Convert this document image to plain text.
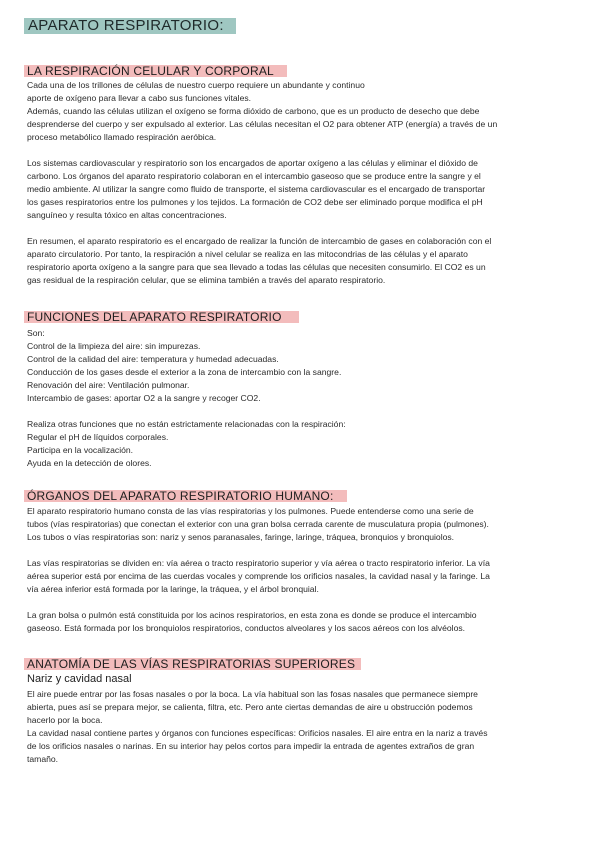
APARATO RESPIRATORIO:
LA RESPIRACIÓN CELULAR Y CORPORAL
Cada una de los trillones de células de nuestro cuerpo requiere un abundante y continuo
aporte de oxígeno para llevar a cabo sus funciones vitales.
Además, cuando las células utilizan el oxígeno se forma dióxido de carbono, que es un producto de desecho que debe
desprenderse del cuerpo y ser expulsado al exterior. Las células necesitan el O2 para obtener ATP (energía) a través de un
proceso metabólico llamado respiración aeróbica.
Los sistemas cardiovascular y respiratorio son los encargados de aportar oxígeno a las células y eliminar el dióxido de
carbono. Los órganos del aparato respiratorio colaboran en el intercambio gaseoso que se produce entre la sangre y el
medio ambiente. Al utilizar la sangre como fluido de transporte, el sistema cardiovascular es el encargado de transportar
los gases respiratorios entre los pulmones y los tejidos. La formación de CO2 debe ser eliminado porque modifica el pH
sanguíneo y resulta tóxico en altas concentraciones.
En resumen, el aparato respiratorio es el encargado de realizar la función de intercambio de gases en colaboración con el
aparato circulatorio. Por tanto, la respiración a nivel celular se realiza en las mitocondrias de las células y el aparato
respiratorio aporta oxígeno a la sangre para que sea llevado a todas las células que necesiten consumirlo. El CO2 es un
gas residual de la respiración celular, que se elimina también a través del aparato respiratorio.
FUNCIONES DEL APARATO RESPIRATORIO
Son:
Control de la limpieza del aire: sin impurezas.
Control de la calidad del aire: temperatura y humedad adecuadas.
Conducción de los gases desde el exterior a la zona de intercambio con la sangre.
Renovación del aire: Ventilación pulmonar.
Intercambio de gases: aportar O2 a la sangre y recoger CO2.
Realiza otras funciones que no están estrictamente relacionadas con la respiración:
Regular el pH de líquidos corporales.
Participa en la vocalización.
Ayuda en la detección de olores.
ÓRGANOS DEL APARATO RESPIRATORIO HUMANO:
El aparato respiratorio humano consta de las vías respiratorias y los pulmones. Puede entenderse como una serie de
tubos (vías respiratorias) que conectan el exterior con una gran bolsa cerrada carente de musculatura propia (pulmones).
Los tubos o vías respiratorias son: nariz y senos paranasales, faringe, laringe, tráquea, bronquios y bronquiolos.
Las vías respiratorias se dividen en: vía aérea o tracto respiratorio superior y vía aérea o tracto respiratorio inferior. La vía
aérea superior está por encima de las cuerdas vocales y comprende los orificios nasales, la cavidad nasal y la faringe. La
vía aérea inferior está formada por la laringe, la tráquea, y el árbol bronquial.
La gran bolsa o pulmón está constituida por los acinos respiratorios, en esta zona es donde se produce el intercambio
gaseoso. Está formada por los bronquiolos respiratorios, conductos alveolares y los sacos aéreos con los alvéolos.
ANATOMÍA DE LAS VÍAS RESPIRATORIAS SUPERIORES
Nariz y cavidad nasal
El aire puede entrar por las fosas nasales o por la boca. La vía habitual son las fosas nasales que permanece siempre
abierta, pues así se prepara mejor, se calienta, filtra, etc. Pero ante ciertas demandas de aire u obstrucción podemos
hacerlo por la boca.
La cavidad nasal contiene partes y órganos con funciones específicas: Orificios nasales. El aire entra en la nariz a través
de los orificios nasales o narinas. En su interior hay pelos cortos para impedir la entrada de agentes extraños de gran
tamaño.
